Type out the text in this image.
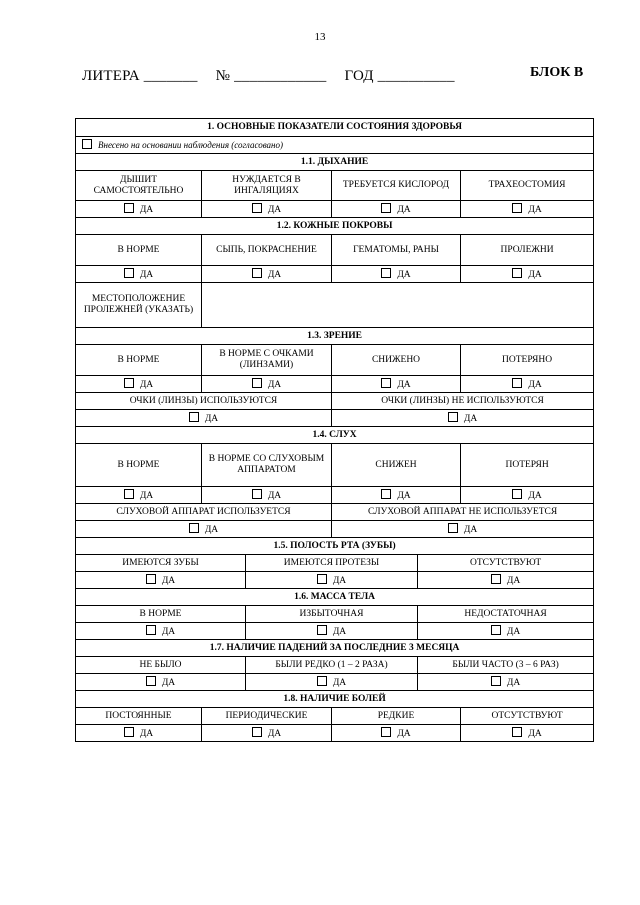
13
ЛИТЕРА _______ № ____________ ГОД __________	БЛОК В
1. ОСНОВНЫЕ ПОКАЗАТЕЛИ СОСТОЯНИЯ ЗДОРОВЬЯ					
Внесено на основании наблюдения (согласовано)					
1.1. ДЫХАНИЕ					
ДЫШИТ САМОСТОЯТЕЛЬНО	НУЖДАЕТСЯ В ИНГАЛЯЦИЯХ		ТРЕБУЕТСЯ КИСЛОРОД		ТРАХЕОСТОМИЯ
ДА	ДА		ДА		ДА
1.2. КОЖНЫЕ ПОКРОВЫ					
В НОРМЕ	СЫПЬ, ПОКРАСНЕНИЕ		ГЕМАТОМЫ, РАНЫ		ПРОЛЕЖНИ
ДА	ДА		ДА		ДА
МЕСТОПОЛОЖЕНИЕ ПРОЛЕЖНЕЙ (УКАЗАТЬ)					
1.3. ЗРЕНИЕ					
В НОРМЕ	В НОРМЕ С ОЧКАМИ (ЛИНЗАМИ)		СНИЖЕНО		ПОТЕРЯНО
ДА	ДА		ДА		ДА
ОЧКИ (ЛИНЗЫ) ИСПОЛЬЗУЮТСЯ			ОЧКИ (ЛИНЗЫ) НЕ ИСПОЛЬЗУЮТСЯ		
ДА			ДА		
1.4. СЛУХ					
В НОРМЕ	В НОРМЕ СО СЛУХОВЫМ АППАРАТОМ		СНИЖЕН		ПОТЕРЯН
ДА	ДА		ДА		ДА
СЛУХОВОЙ АППАРАТ ИСПОЛЬЗУЕТСЯ			СЛУХОВОЙ АППАРАТ НЕ ИСПОЛЬЗУЕТСЯ		
ДА			ДА		
1.5. ПОЛОСТЬ РТА (ЗУБЫ)					
ИМЕЮТСЯ ЗУБЫ		ИМЕЮТСЯ ПРОТЕЗЫ		ОТСУТСТВУЮТ	
ДА		ДА		ДА	
1.6. МАССА ТЕЛА					
В НОРМЕ		ИЗБЫТОЧНАЯ		НЕДОСТАТОЧНАЯ	
ДА		ДА		ДА	
1.7. НАЛИЧИЕ ПАДЕНИЙ ЗА ПОСЛЕДНИЕ 3 МЕСЯЦА					
НЕ БЫЛО		БЫЛИ РЕДКО (1 – 2 РАЗА)		БЫЛИ ЧАСТО (3 – 6 РАЗ)	
ДА		ДА		ДА	
1.8. НАЛИЧИЕ БОЛЕЙ					
ПОСТОЯННЫЕ	ПЕРИОДИЧЕСКИЕ		РЕДКИЕ		ОТСУТСТВУЮТ
ДА	ДА		ДА		ДА
